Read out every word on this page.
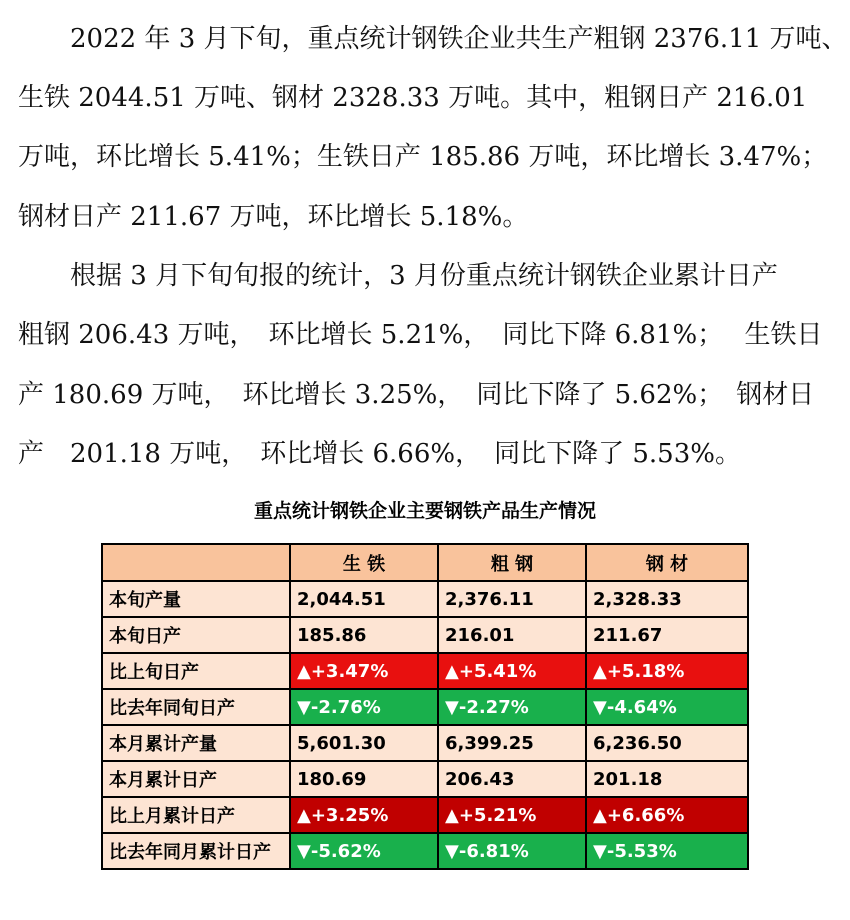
　　2022 年 3 月下旬，重点统计钢铁企业共生产粗钢 2376.11 万吨、
生铁 2044.51 万吨、钢材 2328.33 万吨。其中，粗钢日产 216.01
万吨，环比增长 5.41%；生铁日产 185.86 万吨，环比增长 3.47%；
钢材日产 211.67 万吨，环比增长 5.18%。
　　根据 3 月下旬旬报的统计，3 月份重点统计钢铁企业累计日产
粗钢 206.43 万吨，　环比增长 5.21%，　同比下降 6.81%；　 生铁日
产 180.69 万吨，　环比增长 3.25%，　同比下降了 5.62%；　钢材日
产　201.18 万吨，　环比增长 6.66%，　同比下降了 5.53%。
重点统计钢铁企业主要钢铁产品生产情况
	生 铁	粗 钢	钢 材
本旬产量	2,044.51	2,376.11	2,328.33
本旬日产	185.86	216.01	211.67
比上旬日产	▲+3.47%	▲+5.41%	▲+5.18%
比去年同旬日产	▼-2.76%	▼-2.27%	▼-4.64%
本月累计产量	5,601.30	6,399.25	6,236.50
本月累计日产	180.69	206.43	201.18
比上月累计日产	▲+3.25%	▲+5.21%	▲+6.66%
比去年同月累计日产	▼-5.62%	▼-6.81%	▼-5.53%
